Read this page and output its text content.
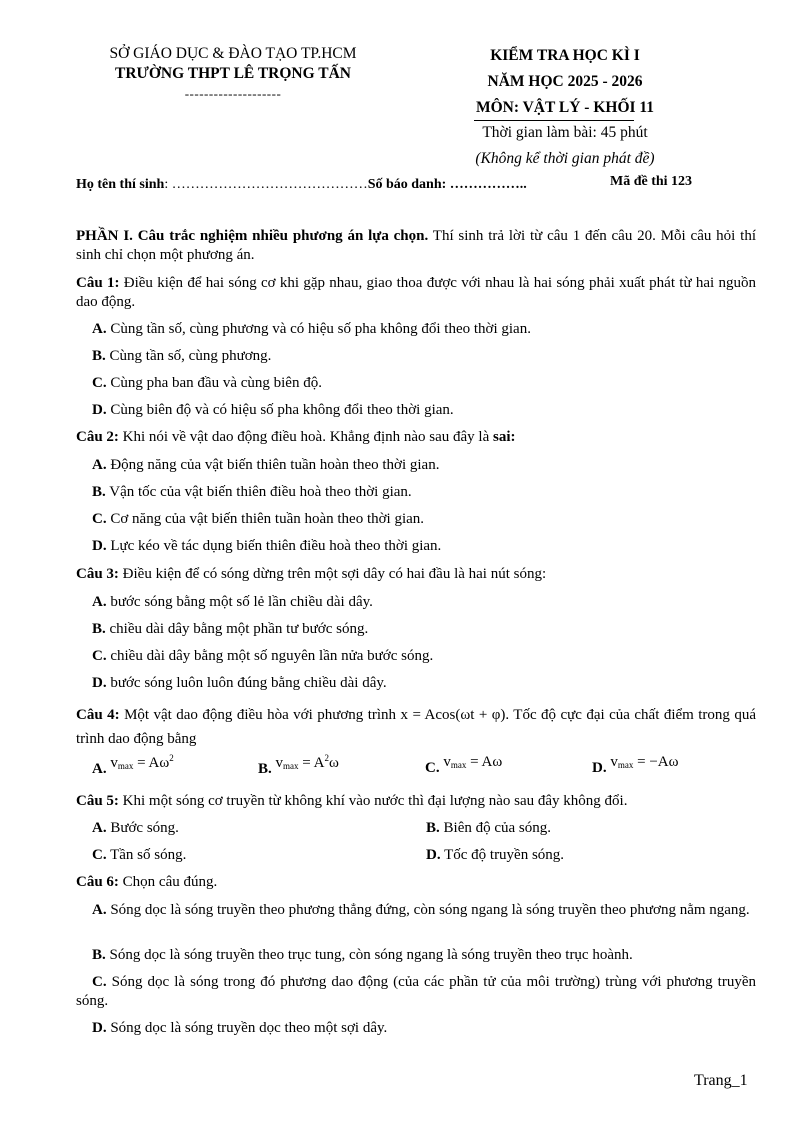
SỞ GIÁO DỤC & ĐÀO TẠO TP.HCM
TRƯỜNG THPT LÊ TRỌNG TẤN
--------------------
KIỂM TRA HỌC KÌ I
NĂM HỌC 2025 - 2026
MÔN: VẬT LÝ - KHỐI 11
Thời gian làm bài: 45 phút
(Không kể thời gian phát đề)
Họ tên thí sinh: ……………………………………Số báo danh: ……………..	Mã đề thi 123
PHẦN I. Câu trắc nghiệm nhiều phương án lựa chọn. Thí sinh trả lời từ câu 1 đến câu 20. Mỗi câu hỏi thí sinh chỉ chọn một phương án.
Câu 1: Điều kiện để hai sóng cơ khi gặp nhau, giao thoa được với nhau là hai sóng phải xuất phát từ hai nguồn dao động.
A. Cùng tần số, cùng phương và có hiệu số pha không đổi theo thời gian.
B. Cùng tần số, cùng phương.
C. Cùng pha ban đầu và cùng biên độ.
D. Cùng biên độ và có hiệu số pha không đổi theo thời gian.
Câu 2: Khi nói về vật dao động điều hoà. Khẳng định nào sau đây là sai:
A. Động năng của vật biến thiên tuần hoàn theo thời gian.
B. Vận tốc của vật biến thiên điều hoà theo thời gian.
C. Cơ năng của vật biến thiên tuần hoàn theo thời gian.
D. Lực kéo về tác dụng biến thiên điều hoà theo thời gian.
Câu 3: Điều kiện để có sóng dừng trên một sợi dây có hai đầu là hai nút sóng:
A. bước sóng bằng một số lẻ lần chiều dài dây.
B. chiều dài dây bằng một phần tư bước sóng.
C. chiều dài dây bằng một số nguyên lần nửa bước sóng.
D. bước sóng luôn luôn đúng bằng chiều dài dây.
Câu 4: Một vật dao động điều hòa với phương trình x = Acos(ωt + φ). Tốc độ cực đại của chất điểm trong quá trình dao động bằng
A. $v_{max} = A\omega^2$
B. $v_{max} = A^2\omega$	C. $v_{max} = A\omega$	D. $v_{max} = -A\omega$
Câu 5: Khi một sóng cơ truyền từ không khí vào nước thì đại lượng nào sau đây không đổi.
A. Bước sóng.	B. Biên độ của sóng.
C. Tần số sóng.	D. Tốc độ truyền sóng.
Câu 6: Chọn câu đúng.
A. Sóng dọc là sóng truyền theo phương thẳng đứng, còn sóng ngang là sóng truyền theo phương nằm ngang.
B. Sóng dọc là sóng truyền theo trục tung, còn sóng ngang là sóng truyền theo trục hoành.
C. Sóng dọc là sóng trong đó phương dao động (của các phần tử của môi trường) trùng với phương truyền sóng.
D. Sóng dọc là sóng truyền dọc theo một sợi dây.
Trang_1
